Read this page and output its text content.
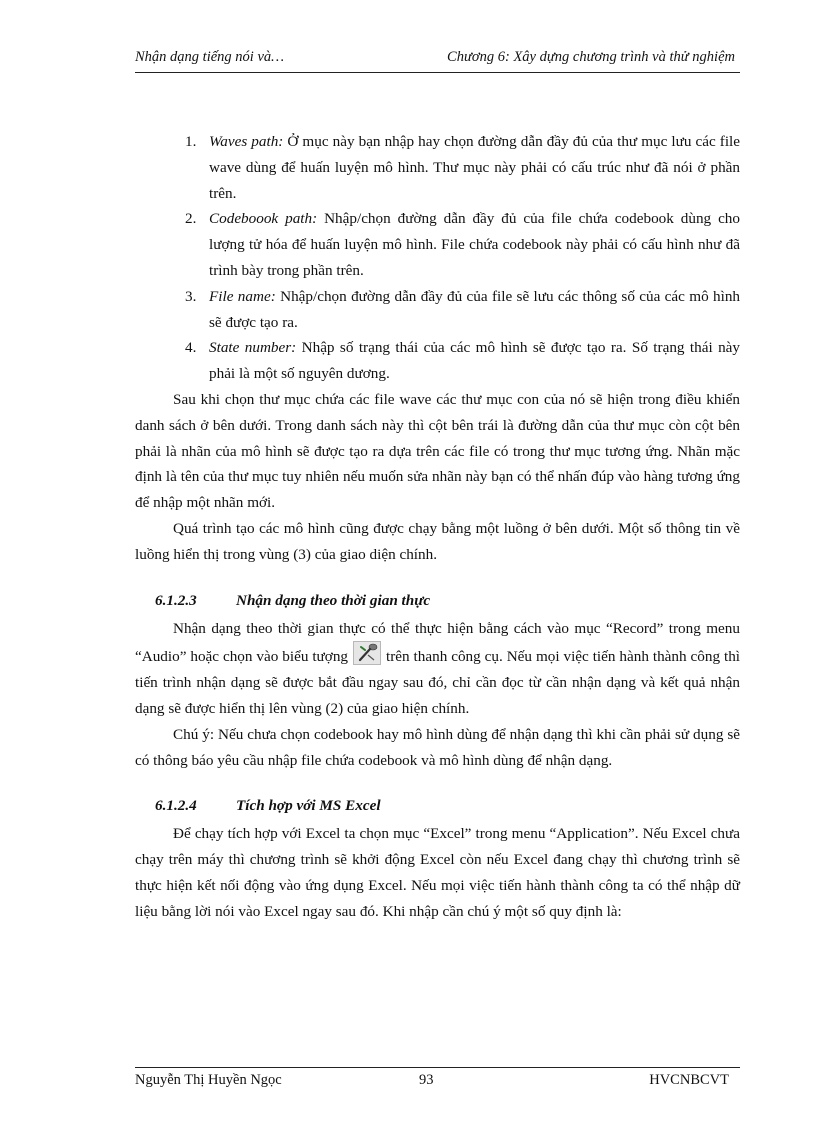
Nhận dạng tiếng nói và…	Chương 6: Xây dựng chương trình và thử nghiệm
1. Waves path: Ở mục này bạn nhập hay chọn đường dẫn đầy đủ của thư mục lưu các file wave dùng để huấn luyện mô hình. Thư mục này phải có cấu trúc như đã nói ở phần trên.
2. Codeboook path: Nhập/chọn đường dẫn đầy đủ của file chứa codebook dùng cho lượng tử hóa để huấn luyện mô hình. File chứa codebook này phải có cấu hình như đã trình bày trong phần trên.
3. File name: Nhập/chọn đường dẫn đầy đủ của file sẽ lưu các thông số của các mô hình sẽ được tạo ra.
4. State number: Nhập số trạng thái của các mô hình sẽ được tạo ra. Số trạng thái này phải là một số nguyên dương.

Sau khi chọn thư mục chứa các file wave các thư mục con của nó sẽ hiện trong điều khiển danh sách ở bên dưới. Trong danh sách này thì cột bên trái là đường dẫn của thư mục còn cột bên phải là nhãn của mô hình sẽ được tạo ra dựa trên các file có trong thư mục tương ứng. Nhãn mặc định là tên của thư mục tuy nhiên nếu muốn sửa nhãn này bạn có thể nhấn đúp vào hàng tương ứng để nhập một nhãn mới.

Quá trình tạo các mô hình cũng được chạy bằng một luồng ở bên dưới. Một số thông tin về luồng hiển thị trong vùng (3) của giao diện chính.

6.1.2.3	Nhận dạng theo thời gian thực

Nhận dạng theo thời gian thực có thể thực hiện bằng cách vào mục “Record” trong menu “Audio” hoặc chọn vào biểu tượng	trên thanh công cụ. Nếu mọi việc tiến hành thành công thì tiến trình nhận dạng sẽ được bắt đầu ngay sau đó, chỉ cần đọc từ cần nhận dạng và kết quả nhận dạng sẽ được hiển thị lên vùng (2) của giao hiện chính.

Chú ý: Nếu chưa chọn codebook hay mô hình dùng để nhận dạng thì khi cần phải sử dụng sẽ có thông báo yêu cầu nhập file chứa codebook và mô hình dùng để nhận dạng.

6.1.2.4	Tích hợp với MS Excel

Để chạy tích hợp với Excel ta chọn mục “Excel” trong menu “Application”. Nếu Excel chưa chạy trên máy thì chương trình sẽ khởi động Excel còn nếu Excel đang chạy thì chương trình sẽ thực hiện kết nối động vào ứng dụng Excel. Nếu mọi việc tiến hành thành công ta có thể nhập dữ liệu bằng lời nói vào Excel ngay sau đó. Khi nhập cần chú ý một số quy định là:

Nguyễn Thị Huyền Ngọc	93	HVCNBCVT
